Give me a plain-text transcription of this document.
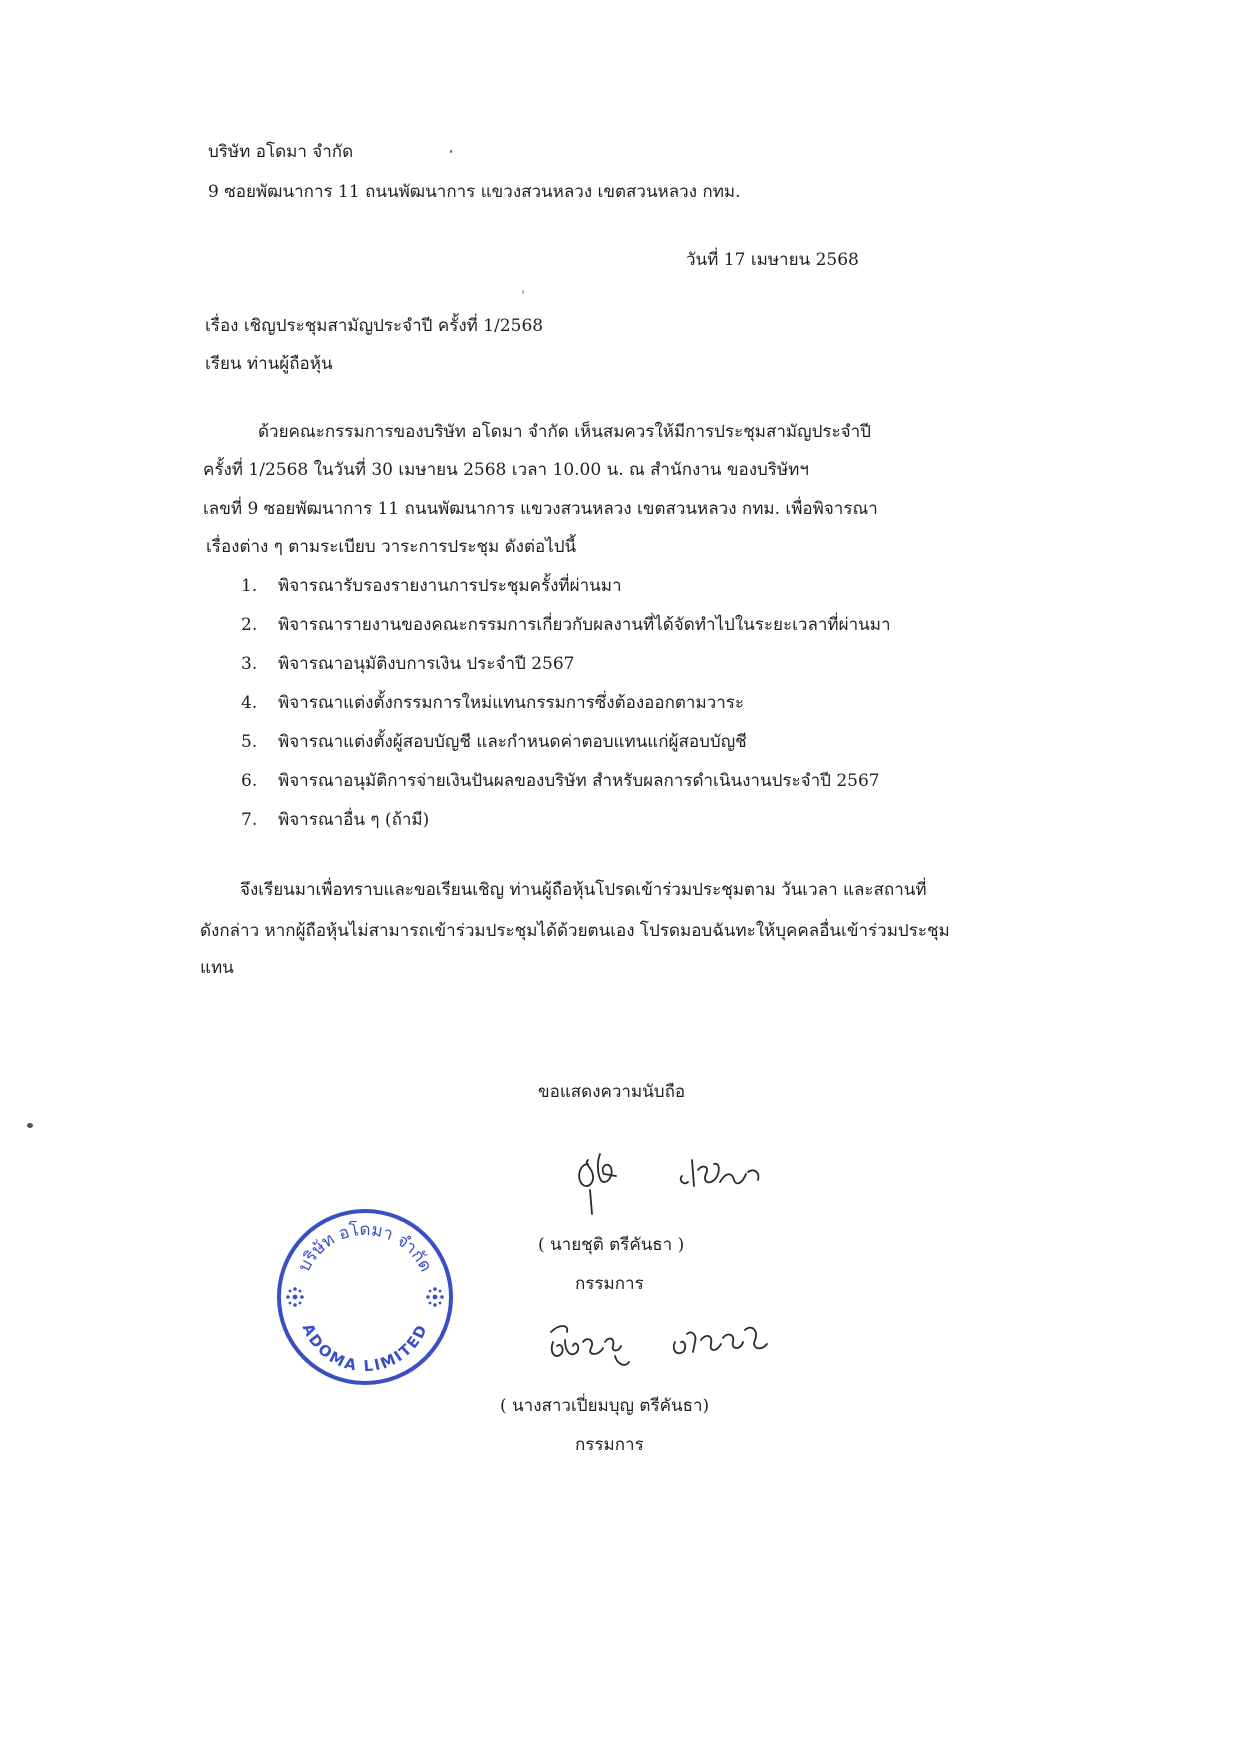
บริษัท อโดมา จำกัด
9 ซอยพัฒนาการ 11 ถนนพัฒนาการ แขวงสวนหลวง เขตสวนหลวง กทม.
วันที่ 17 เมษายน 2568
เรื่อง เชิญประชุมสามัญประจำปี ครั้งที่ 1/2568
เรียน ท่านผู้ถือหุ้น
ด้วยคณะกรรมการของบริษัท อโดมา จำกัด เห็นสมควรให้มีการประชุมสามัญประจำปี
ครั้งที่ 1/2568 ในวันที่ 30 เมษายน 2568 เวลา 10.00 น. ณ สำนักงาน ของบริษัทฯ
เลขที่ 9 ซอยพัฒนาการ 11 ถนนพัฒนาการ แขวงสวนหลวง เขตสวนหลวง กทม. เพื่อพิจารณา
เรื่องต่าง ๆ ตามระเบียบ วาระการประชุม ดังต่อไปนี้
1. พิจารณารับรองรายงานการประชุมครั้งที่ผ่านมา
2. พิจารณารายงานของคณะกรรมการเกี่ยวกับผลงานที่ได้จัดทำไปในระยะเวลาที่ผ่านมา
3. พิจารณาอนุมัติงบการเงิน ประจำปี 2567
4. พิจารณาแต่งตั้งกรรมการใหม่แทนกรรมการซึ่งต้องออกตามวาระ
5. พิจารณาแต่งตั้งผู้สอบบัญชี และกำหนดค่าตอบแทนแก่ผู้สอบบัญชี
6. พิจารณาอนุมัติการจ่ายเงินปันผลของบริษัท สำหรับผลการดำเนินงานประจำปี 2567
7. พิจารณาอื่น ๆ (ถ้ามี)
จึงเรียนมาเพื่อทราบและขอเรียนเชิญ ท่านผู้ถือหุ้นโปรดเข้าร่วมประชุมตาม วันเวลา และสถานที่
ดังกล่าว หากผู้ถือหุ้นไม่สามารถเข้าร่วมประชุมได้ด้วยตนเอง โปรดมอบฉันทะให้บุคคลอื่นเข้าร่วมประชุม
แทน
ขอแสดงความนับถือ
( นายชุติ ตรีคันธา )
กรรมการ
( นางสาวเปี่ยมบุญ ตรีคันธา)
กรรมการ
บริษัท อโดมา จำกัด
ADOMA LIMITED
